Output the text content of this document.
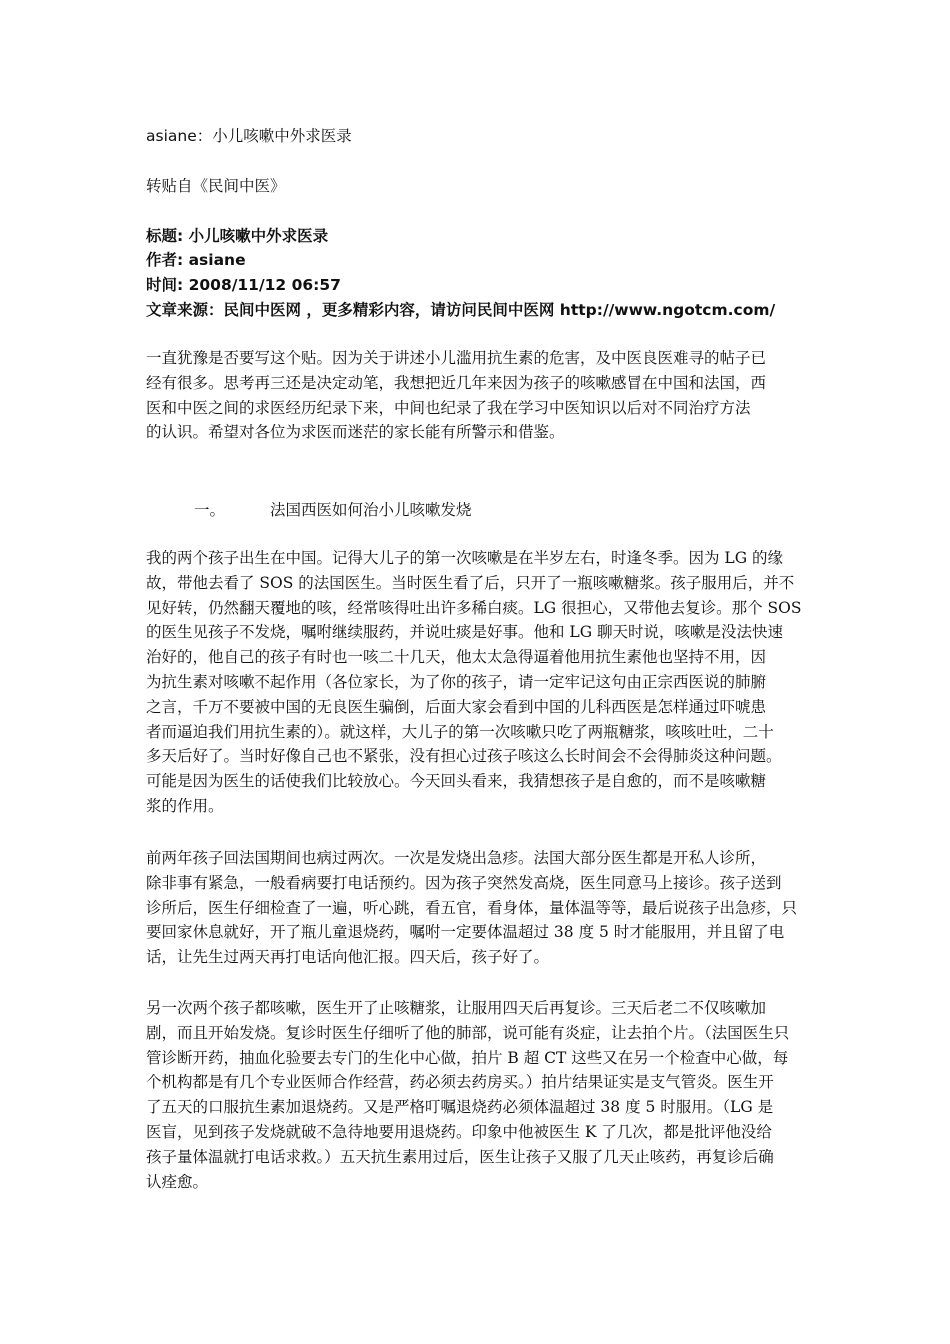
asiane：小儿咳嗽中外求医录
转贴自《民间中医》
标题: 小儿咳嗽中外求医录
作者: asiane
时间: 2008/11/12 06:57
文章来源：民间中医网 ，更多精彩内容，请访问民间中医网 http://www.ngotcm.com/
一直犹豫是否要写这个贴。因为关于讲述小儿滥用抗生素的危害，及中医良医难寻的帖子已
经有很多。思考再三还是决定动笔，我想把近几年来因为孩子的咳嗽感冒在中国和法国，西
医和中医之间的求医经历纪录下来，中间也纪录了我在学习中医知识以后对不同治疗方法
的认识。希望对各位为求医而迷茫的家长能有所警示和借鉴。
一。	法国西医如何治小儿咳嗽发烧
我的两个孩子出生在中国。记得大儿子的第一次咳嗽是在半岁左右，时逢冬季。因为 LG 的缘
故，带他去看了 SOS 的法国医生。当时医生看了后，只开了一瓶咳嗽糖浆。孩子服用后，并不
见好转，仍然翻天覆地的咳，经常咳得吐出许多稀白痰。LG 很担心，又带他去复诊。那个 SOS
的医生见孩子不发烧，嘱咐继续服药，并说吐痰是好事。他和 LG 聊天时说，咳嗽是没法快速
治好的，他自己的孩子有时也一咳二十几天，他太太急得逼着他用抗生素他也坚持不用，因
为抗生素对咳嗽不起作用（各位家长，为了你的孩子，请一定牢记这句由正宗西医说的肺腑
之言，千万不要被中国的无良医生骗倒，后面大家会看到中国的儿科西医是怎样通过吓唬患
者而逼迫我们用抗生素的）。就这样，大儿子的第一次咳嗽只吃了两瓶糖浆，咳咳吐吐，二十
多天后好了。当时好像自己也不紧张，没有担心过孩子咳这么长时间会不会得肺炎这种问题。
可能是因为医生的话使我们比较放心。今天回头看来，我猜想孩子是自愈的，而不是咳嗽糖
浆的作用。
前两年孩子回法国期间也病过两次。一次是发烧出急疹。法国大部分医生都是开私人诊所，
除非事有紧急，一般看病要打电话预约。因为孩子突然发高烧，医生同意马上接诊。孩子送到
诊所后，医生仔细检查了一遍，听心跳，看五官，看身体，量体温等等，最后说孩子出急疹，只
要回家休息就好，开了瓶儿童退烧药，嘱咐一定要体温超过 38 度 5 时才能服用，并且留了电
话，让先生过两天再打电话向他汇报。四天后，孩子好了。
另一次两个孩子都咳嗽，医生开了止咳糖浆，让服用四天后再复诊。三天后老二不仅咳嗽加
剧，而且开始发烧。复诊时医生仔细听了他的肺部，说可能有炎症，让去拍个片。（法国医生只
管诊断开药，抽血化验要去专门的生化中心做，拍片 B 超 CT 这些又在另一个检查中心做，每
个机构都是有几个专业医师合作经营，药必须去药房买。）拍片结果证实是支气管炎。医生开
了五天的口服抗生素加退烧药。又是严格叮嘱退烧药必须体温超过 38 度 5 时服用。（LG 是
医盲，见到孩子发烧就破不急待地要用退烧药。印象中他被医生 K 了几次，都是批评他没给
孩子量体温就打电话求救。）五天抗生素用过后，医生让孩子又服了几天止咳药，再复诊后确
认痊愈。
